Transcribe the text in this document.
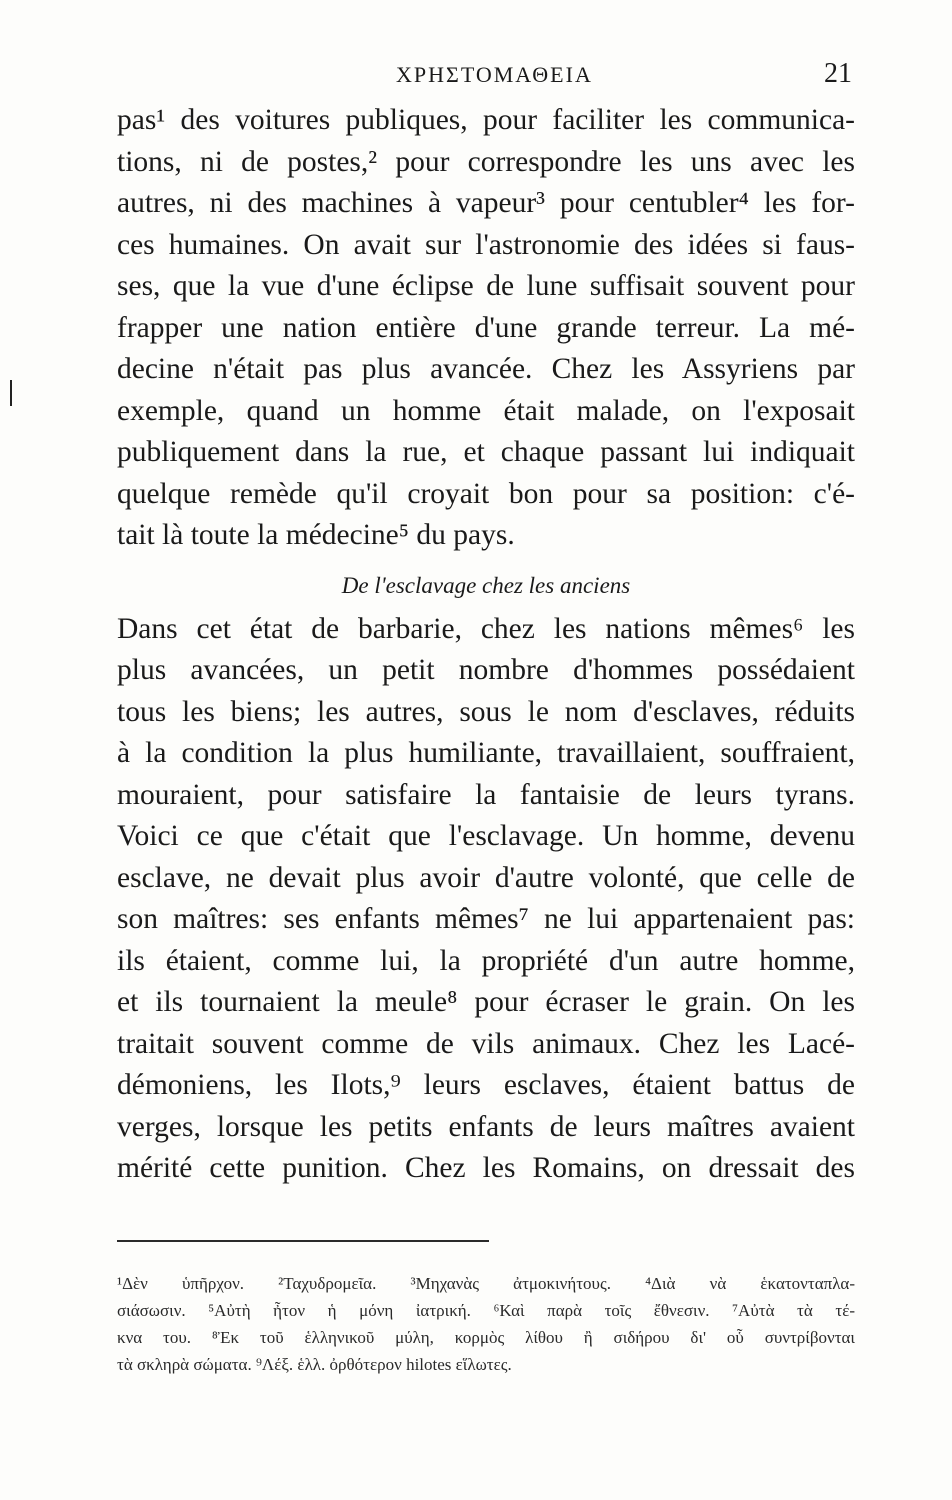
ΧΡΗΣΤΟΜΑΘΕΙΑ	21
pas¹ des voitures publiques, pour faciliter les communica-
tions, ni de postes,² pour correspondre les uns avec les
autres, ni des machines à vapeur³ pour centubler⁴ les for-
ces humaines. On avait sur l'astronomie des idées si faus-
ses, que la vue d'une éclipse de lune suffisait souvent pour
frapper une nation entière d'une grande terreur. La mé-
decine n'était pas plus avancée. Chez les Assyriens par
exemple, quand un homme était malade, on l'exposait
publiquement dans la rue, et chaque passant lui indiquait
quelque remède qu'il croyait bon pour sa position: c'é-
tait là toute la médecine⁵ du pays.
De l'esclavage chez les anciens
Dans cet état de barbarie, chez les nations mêmes⁶ les
plus avancées, un petit nombre d'hommes possédaient
tous les biens; les autres, sous le nom d'esclaves, réduits
à la condition la plus humiliante, travaillaient, souffraient,
mouraient, pour satisfaire la fantaisie de leurs tyrans.
Voici ce que c'était que l'esclavage. Un homme, devenu
esclave, ne devait plus avoir d'autre volonté, que celle de
son maîtres: ses enfants mêmes⁷ ne lui appartenaient pas:
ils étaient, comme lui, la propriété d'un autre homme,
et ils tournaient la meule⁸ pour écraser le grain. On les
traitait souvent comme de vils animaux. Chez les Lacé-
démoniens, les Ilots,⁹ leurs esclaves, étaient battus de
verges, lorsque les petits enfants de leurs maîtres avaient
mérité cette punition. Chez les Romains, on dressait des
¹Δὲν ὑπῆρχον. ²Ταχυδρομεῖα. ³Μηχανὰς ἀτμοκινήτους. ⁴Διὰ νὰ ἑκατονταπλα-
σιάσωσιν. ⁵Αὐτὴ ἦτον ἡ μόνη ἰατρική. ⁶Καὶ παρὰ τοῖς ἔθνεσιν. ⁷Αὐτὰ τὰ τέ-
κνα του. ⁸Ἐκ τοῦ ἑλληνικοῦ μύλη, κορμὸς λίθου ἢ σιδήρου δι' οὗ συντρίβονται
τὰ σκληρὰ σώματα. ⁹Λέξ. ἑλλ. ὀρθότερον hilotes εἵλωτες.
